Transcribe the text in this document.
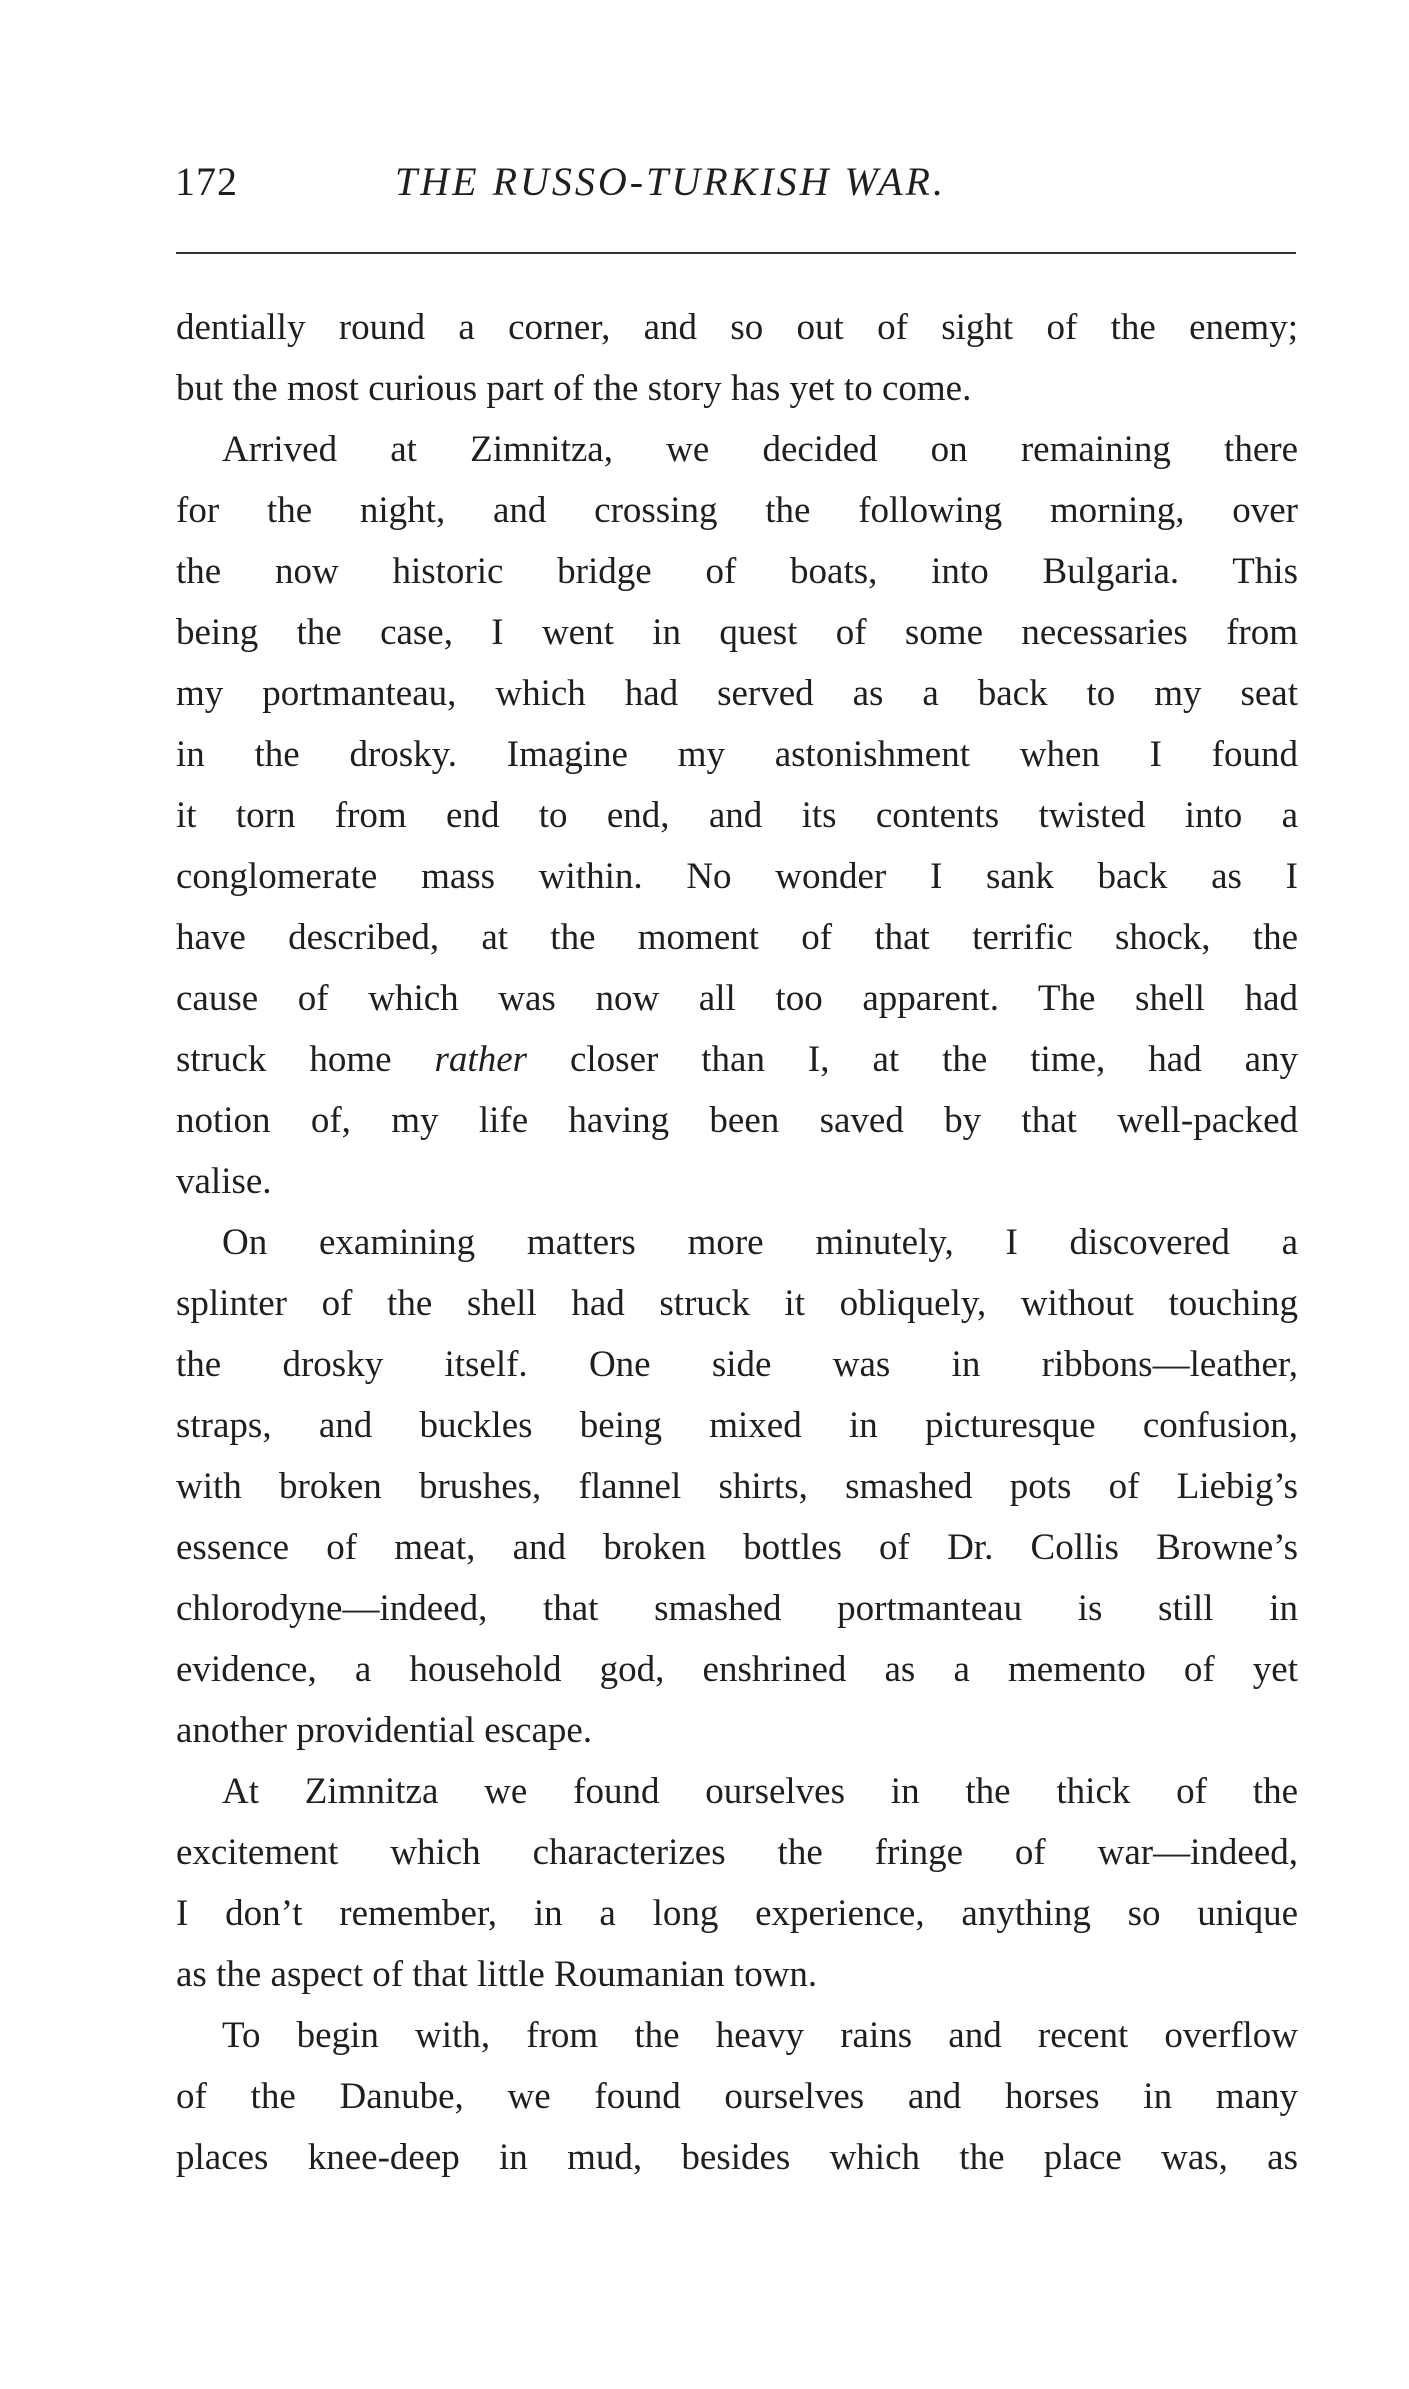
172	THE RUSSO-TURKISH WAR.
dentially round a corner, and so out of sight of the enemy;
but the most curious part of the story has yet to come.
Arrived at Zimnitza, we decided on remaining there
for the night, and crossing the following morning, over
the now historic bridge of boats, into Bulgaria. This
being the case, I went in quest of some necessaries from
my portmanteau, which had served as a back to my seat
in the drosky. Imagine my astonishment when I found
it torn from end to end, and its contents twisted into a
conglomerate mass within. No wonder I sank back as I
have described, at the moment of that terrific shock, the
cause of which was now all too apparent. The shell had
struck home rather closer than I, at the time, had any
notion of, my life having been saved by that well-packed
valise.
On examining matters more minutely, I discovered a
splinter of the shell had struck it obliquely, without touching
the drosky itself. One side was in ribbons—leather,
straps, and buckles being mixed in picturesque confusion,
with broken brushes, flannel shirts, smashed pots of Liebig’s
essence of meat, and broken bottles of Dr. Collis Browne’s
chlorodyne—indeed, that smashed portmanteau is still in
evidence, a household god, enshrined as a memento of yet
another providential escape.
At Zimnitza we found ourselves in the thick of the
excitement which characterizes the fringe of war—indeed,
I don’t remember, in a long experience, anything so unique
as the aspect of that little Roumanian town.
To begin with, from the heavy rains and recent overflow
of the Danube, we found ourselves and horses in many
places knee-deep in mud, besides which the place was, as
